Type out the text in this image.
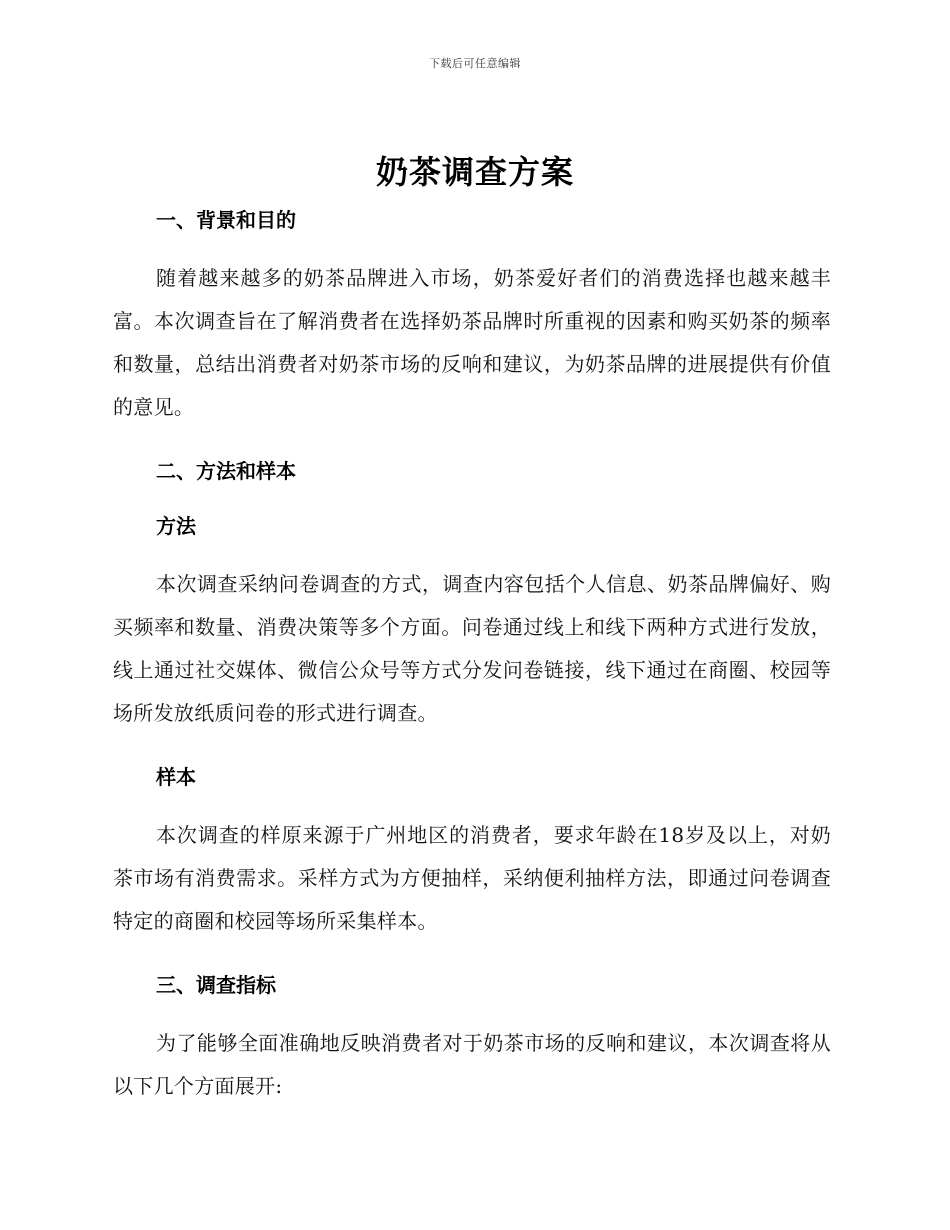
下载后可任意编辑
奶茶调查方案
一、背景和目的

随着越来越多的奶茶品牌进入市场，奶茶爱好者们的消费选择也越来越丰富。本次调查旨在了解消费者在选择奶茶品牌时所重视的因素和购买奶茶的频率和数量，总结出消费者对奶茶市场的反响和建议，为奶茶品牌的进展提供有价值的意见。

二、方法和样本
方法

本次调查采纳问卷调查的方式，调查内容包括个人信息、奶茶品牌偏好、购买频率和数量、消费决策等多个方面。问卷通过线上和线下两种方式进行发放，线上通过社交媒体、微信公众号等方式分发问卷链接，线下通过在商圈、校园等场所发放纸质问卷的形式进行调查。

样本

本次调查的样原来源于广州地区的消费者，要求年龄在18岁及以上，对奶茶市场有消费需求。采样方式为方便抽样，采纳便利抽样方法，即通过问卷调查特定的商圈和校园等场所采集样本。

三、调查指标

为了能够全面准确地反映消费者对于奶茶市场的反响和建议，本次调查将从以下几个方面展开:
